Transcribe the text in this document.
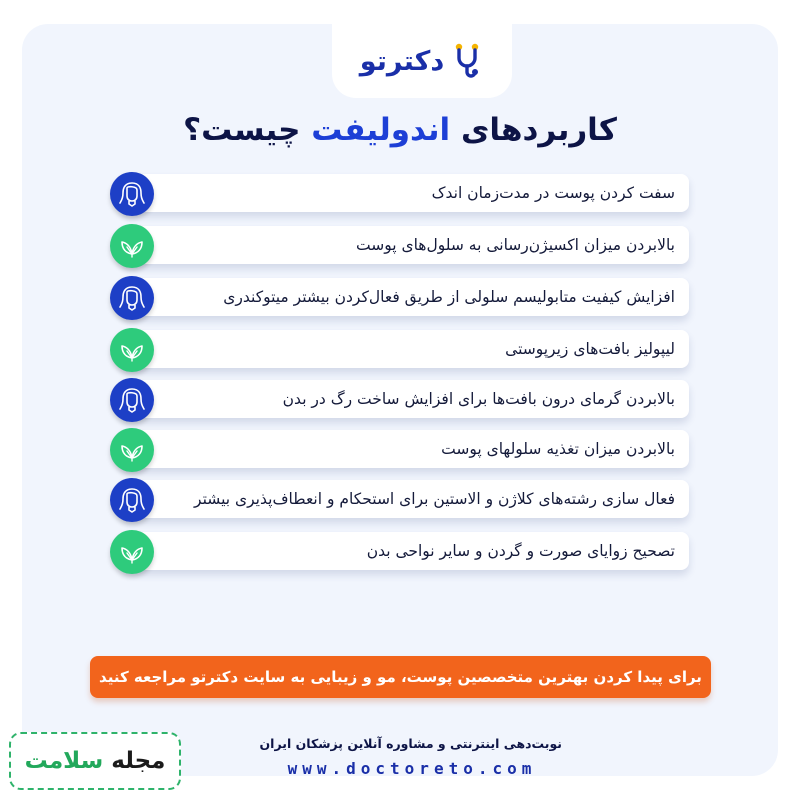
دکترتو
کاربردهای اندولیفت چیست؟
سفت کردن پوست در مدت‌زمان اندک
بالابردن میزان اکسیژن‌رسانی به سلول‌های پوست
افزایش کیفیت متابولیسم سلولی از طریق فعال‌کردن بیشتر میتوکندری
لیپولیز بافت‌های زیرپوستی
بالابردن گرمای درون بافت‌ها برای افزایش ساخت رگ در بدن
بالابردن میزان تغذیه سلولهای پوست
فعال سازی رشته‌های کلاژن و الاستین برای استحکام و انعطاف‌پذیری بیشتر
تصحیح زوایای صورت و گردن و سایر نواحی بدن
برای پیدا کردن بهترین متخصصین پوست، مو و زیبایی به سایت دکترتو مراجعه کنید
نوبت‌دهی اینترنتی و مشاوره آنلاین پزشکان ایران
www.doctoreto.com
مجله
سلامت
